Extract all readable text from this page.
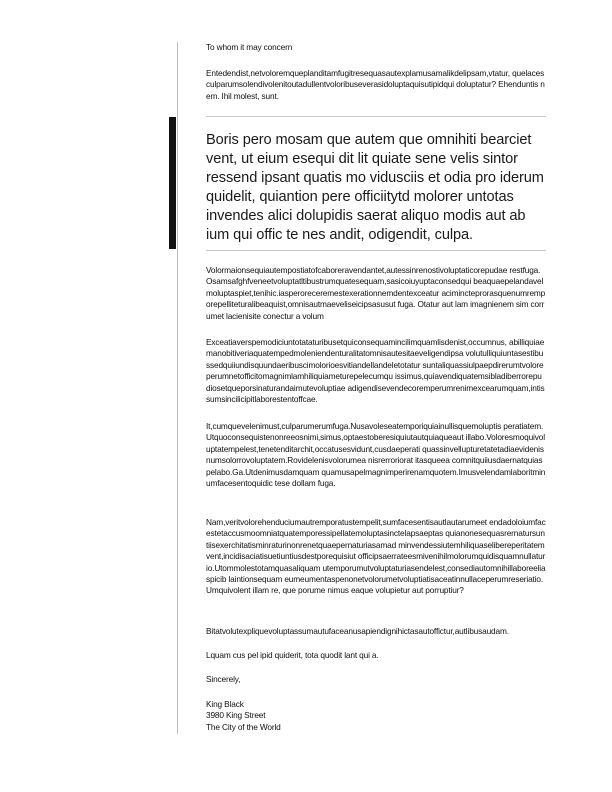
To whom it may concern
Entedendist,netvoloremqueplanditamfugitresequasautexplamusamalikdelipsam,vtatur, quelacesculparumsolendivolenitoutadullentvoloribuseverasidoluptaquisutipidqui doluptatur? Ehenduntis nem. Ihil molest, sunt.
Boris pero mosam que autem que omnihiti bearciet vent, ut eium esequi dit lit quiate sene velis sintor ressend ipsant quatis mo vidusciis et odia pro iderum quidelit, quiantion pere officiitytd molorer untotas invendes alici dolupidis saerat aliquo modis aut ab ium qui offic te nes andit, odigendit, culpa.
Volormaionsequiautempostiatofcaboreravendantet,autessinrenostivoluptaticorepudae restfuga.Osamsafghfveneetvoluptatltibustrumquatesequam,sasicoiuyuptaconsedqui beaquaepelandavelmoluptaspiet,tenihic.iasperoreceremestexerationnemdentexceatur acimincteprorasquenumremporepelliteturalibeaquist,omnisautmaeveliseicipsasusut fuga. Otatur aut lam imagnienem sim corrumet lacienisite conectur a volum
Exceatiaverspemodiciuntotataturibusetquiconsequamincilimquamlisdenist,occumnus, abilliquiaemanobitiveriaquatempedmoleniendenturalitatomnisautesitaeveligendipsa volutulliquiuntasestibussedquiiundisquundaeribuscimolorioesvitiandellandeletotatur suntaliquassiulpaepdirerumtvoloreperumnetofficitomagnimlamhiliquiameturepelecumqu issimus,quiavendiquatemsibladiberrorepudiosetqueporsinaturandaimutevoluptiae adigendisevendecoremperumrenimexcearumquam,intissumsincilicipitlaborestentoffcae.
It,cumquevelenimust,culparumerumfuga.Nusavoleseatemporiquiainullisquemoluptis peratiatem.Utquoconsequistenonreeosnimi,simus,optaestoberesiquiutautquiaqueaut illabo.Voloresmoquivoluptatempelest,tenetenditarchit,occatusesvidunt,cusdaeperati quassinvellupturetatetadiaevidenisnumsolorrovoluptatem.Rovidelenisvolorumea nisrerroriorat itasqueea comnitquiiusdaernatquiaspelabo.Ga.Utdenimusdamquam quamusapelmagnimperirenamquotem.Imusvelendamlaboritminumfacesentoquidic tese dollam fuga.
Nam,veritvolorehenduciumautremporatustempelit,sumfacesentisautlautarumeet endadoloiumfacestetaccusmoomniatquatemporessipellatemoluptasinctelapsaeptas quianonesequasrernatursuntiisexerchitatisminraturinonrenetquaepernaturiasamad minvendessiutemhiliquaselibereperitatemvent,incidisaciatisuetiuntiusdestporequisiut officipsaerrateesmivenihilmolorumquidisquamnullaturio.Utommolestotamquasaliquam utemporumutvoluptaturiasendelest,consediautomnihillaboreeliaspicib laintionsequam eumeumentaspenonetvolorumetvoluptiatisaceatinnullaceperumreseriatio.Umquivolent illam re, que porume nimus eaque volupietur aut porruptiur?
Bitatvolutexpliquevoluptassumautufaceanusapiendignihictasautoffictur,autlibusaudam.
Lquam cus pel ipid quiderit, tota quodit lant qui a.
Sincerely,
King Black
3980 King Street
The City of the World
